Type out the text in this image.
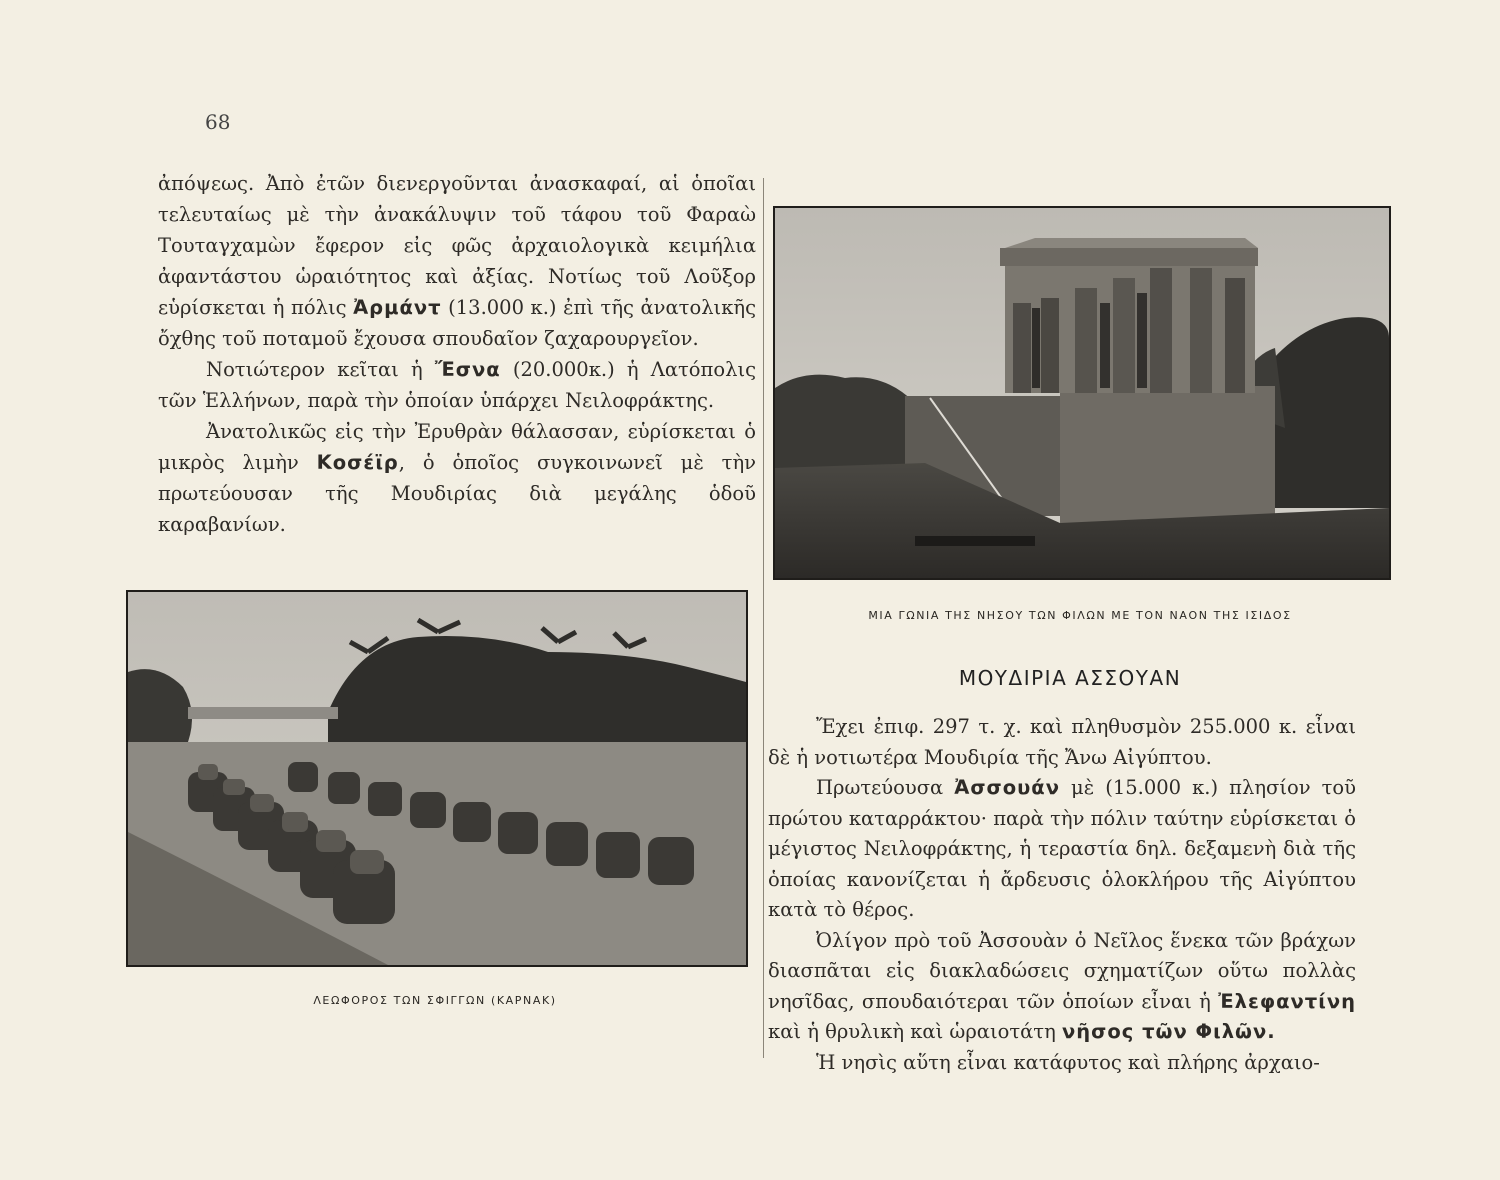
68

ἀπόψεως. Ἀπὸ ἐτῶν διενεργοῦνται ἀνασκαφαί, αἱ ὁποῖαι τελευταίως μὲ τὴν ἀνακάλυψιν τοῦ τάφου τοῦ Φαραὼ Τουταγχαμὼν ἔφερον εἰς φῶς ἀρχαιολογικὰ κειμήλια ἀφαντάστου ὡραιότητος καὶ ἀξίας. Νοτίως τοῦ Λοῦξορ εὑρίσκεται ἡ πόλις Ἀρμάντ (13.000 κ.) ἐπὶ τῆς ἀνατολικῆς ὄχθης τοῦ ποταμοῦ ἔχουσα σπουδαῖον ζαχαρουργεῖον.

Νοτιώτερον κεῖται ἡ Ἔσνα (20.000κ.) ἡ Λατόπολις τῶν Ἑλλήνων, παρὰ τὴν ὁποίαν ὑπάρχει Νειλοφράκτης.

Ἀνατολικῶς εἰς τὴν Ἐρυθρὰν θάλασσαν, εὑρίσκεται ὁ μικρὸς λιμὴν Κοσέϊρ, ὁ ὁποῖος συγκοινωνεῖ μὲ τὴν πρωτεύουσαν τῆς Μουδιρίας διὰ μεγάλης ὁδοῦ καραβανίων.

ΜΙΑ ΓΩΝΙΑ ΤΗΣ ΝΗΣΟΥ ΤΩΝ ΦΙΛΩΝ ΜΕ ΤΟΝ ΝΑΟΝ ΤΗΣ ΙΣΙΔΟΣ
ΛΕΩΦΟΡΟΣ ΤΩΝ ΣΦΙΓΓΩΝ (ΚΑΡΝΑΚ)
ΜΟΥΔΙΡΙΑ ΑΣΣΟΥΑΝ

Ἔχει ἐπιφ. 297 τ. χ. καὶ πληθυσμὸν 255.000 κ. εἶναι δὲ ἡ νοτιωτέρα Μουδιρία τῆς Ἄνω Αἰγύπτου.

Πρωτεύουσα Ἀσσουάν μὲ (15.000 κ.) πλησίον τοῦ πρώτου καταρράκτου· παρὰ τὴν πόλιν ταύτην εὑρίσκεται ὁ μέγιστος Νειλοφράκτης, ἡ τεραστία δηλ. δεξαμενὴ διὰ τῆς ὁποίας κανονίζεται ἡ ἄρδευσις ὁλοκλήρου τῆς Αἰγύπτου κατὰ τὸ θέρος.

Ὀλίγον πρὸ τοῦ Ἀσσουὰν ὁ Νεῖλος ἕνεκα τῶν βράχων διασπᾶται εἰς διακλαδώσεις σχηματίζων οὕτω πολλὰς νησῖδας, σπουδαιότεραι τῶν ὁποίων εἶναι ἡ Ἐλεφαντίνη καὶ ἡ θρυλικὴ καὶ ὡραιοτάτη νῆσος τῶν Φιλῶν.

Ἡ νησὶς αὕτη εἶναι κατάφυτος καὶ πλήρης ἀρχαιο-
